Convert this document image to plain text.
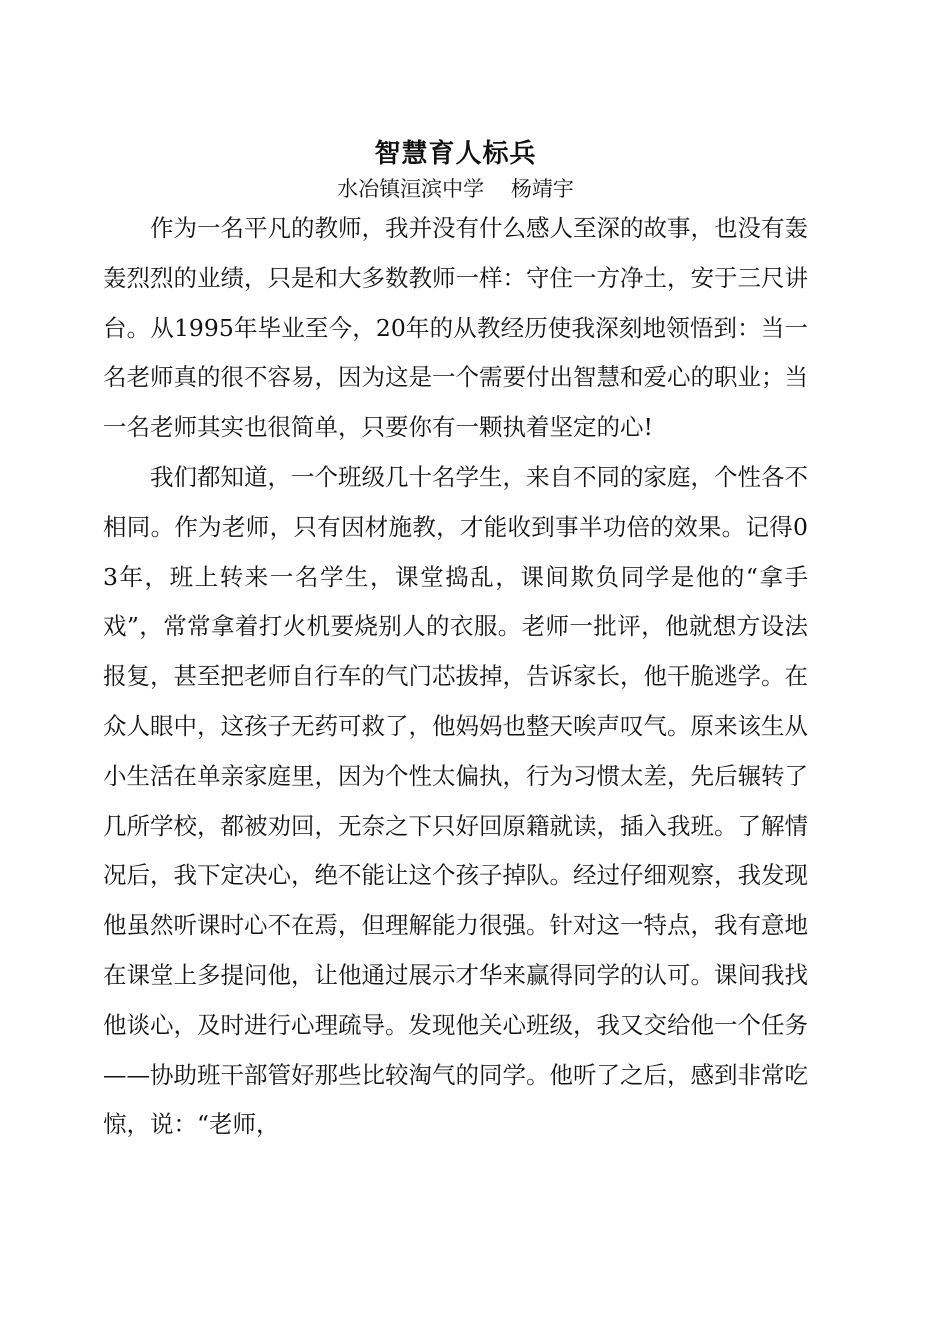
智慧育人标兵
水冶镇洹滨中学    杨靖宇

作为一名平凡的教师，我并没有什么感人至深的故事，也没有轰轰烈烈的业绩，只是和大多数教师一样：守住一方净土，安于三尺讲台。从1995年毕业至今，20年的从教经历使我深刻地领悟到：当一名老师真的很不容易，因为这是一个需要付出智慧和爱心的职业；当一名老师其实也很简单，只要你有一颗执着坚定的心!

我们都知道，一个班级几十名学生，来自不同的家庭，个性各不相同。作为老师，只有因材施教，才能收到事半功倍的效果。记得03年，班上转来一名学生，课堂捣乱，课间欺负同学是他的“拿手戏”，常常拿着打火机要烧别人的衣服。老师一批评，他就想方设法报复，甚至把老师自行车的气门芯拔掉，告诉家长，他干脆逃学。在众人眼中，这孩子无药可救了，他妈妈也整天唉声叹气。原来该生从小生活在单亲家庭里，因为个性太偏执，行为习惯太差，先后辗转了几所学校，都被劝回，无奈之下只好回原籍就读，插入我班。了解情况后，我下定决心，绝不能让这个孩子掉队。经过仔细观察，我发现他虽然听课时心不在焉，但理解能力很强。针对这一特点，我有意地在课堂上多提问他，让他通过展示才华来赢得同学的认可。课间我找他谈心，及时进行心理疏导。发现他关心班级，我又交给他一个任务——协助班干部管好那些比较淘气的同学。他听了之后，感到非常吃惊，说：“老师，
